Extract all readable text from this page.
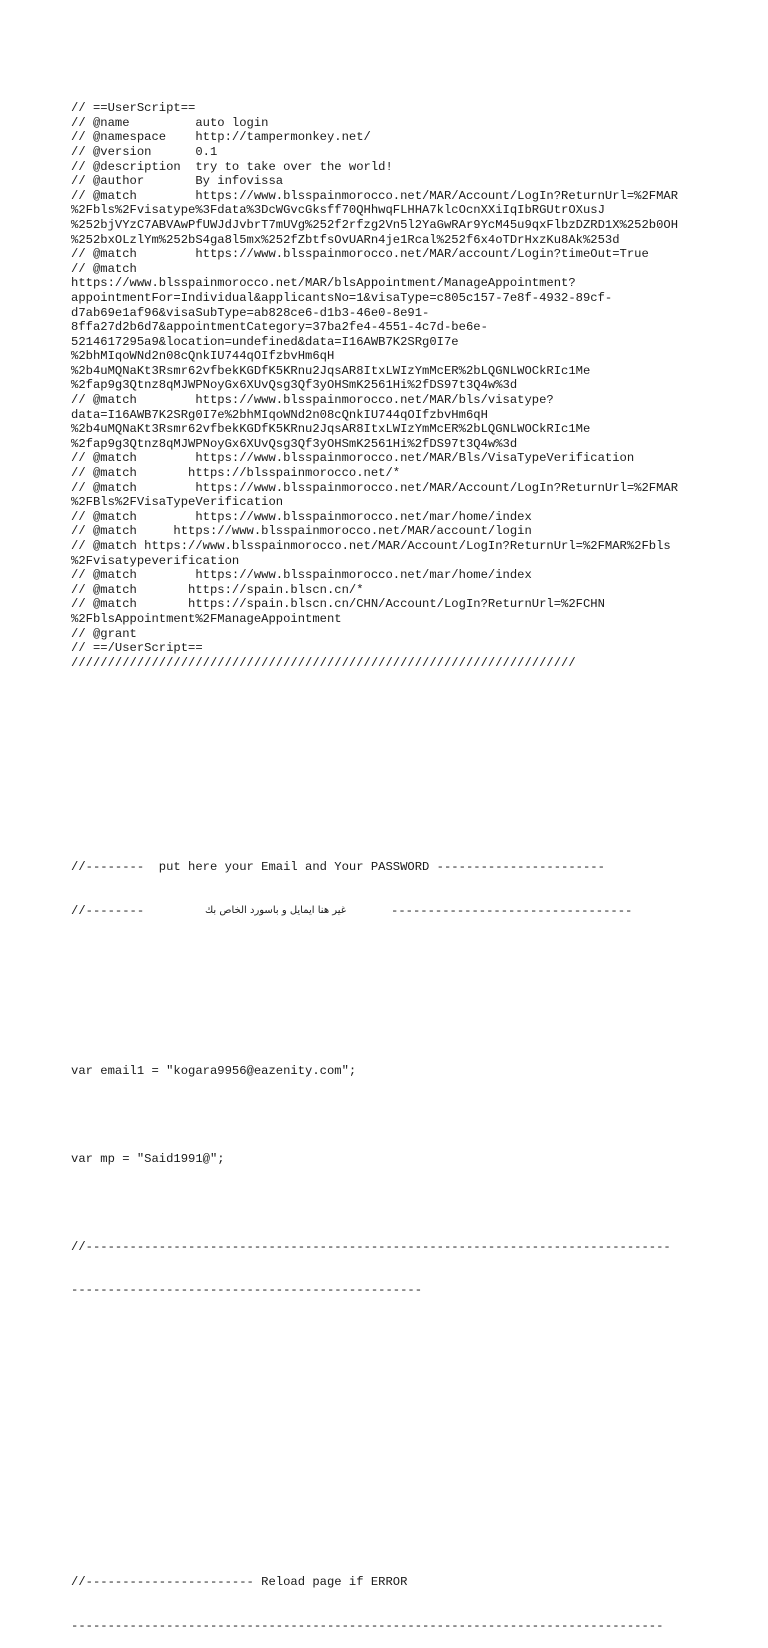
// ==UserScript==
// @name         auto login
// @namespace    http://tampermonkey.net/
// @version      0.1
// @description  try to take over the world!
// @author       By infovissa
// @match        https://www.blsspainmorocco.net/MAR/Account/LogIn?ReturnUrl=%2FMAR
%2Fbls%2Fvisatype%3Fdata%3DcWGvcGksff70QHhwqFLHHA7klcOcnXXiIqIbRGUtrOXusJ
%252bjVYzC7ABVAwPfUWJdJvbrT7mUVg%252f2rfzg2Vn5l2YaGwRAr9YcM45u9qxFlbzDZRD1X%252b0OH
%252bxOLzlYm%252bS4ga8l5mx%252fZbtfsOvUARn4je1Rcal%252f6x4oTDrHxzKu8Ak%253d
// @match        https://www.blsspainmorocco.net/MAR/account/Login?timeOut=True
// @match
https://www.blsspainmorocco.net/MAR/blsAppointment/ManageAppointment?
appointmentFor=Individual&applicantsNo=1&visaType=c805c157-7e8f-4932-89cf-
d7ab69e1af96&visaSubType=ab828ce6-d1b3-46e0-8e91-
8ffa27d2b6d7&appointmentCategory=37ba2fe4-4551-4c7d-be6e-
5214617295a9&location=undefined&data=I16AWB7K2SRg0I7e
%2bhMIqoWNd2n08cQnkIU744qOIfzbvHm6qH
%2b4uMQNaKt3Rsmr62vfbekKGDfK5KRnu2JqsAR8ItxLWIzYmMcER%2bLQGNLWOCkRIc1Me
%2fap9g3Qtnz8qMJWPNoyGx6XUvQsg3Qf3yOHSmK2561Hi%2fDS97t3Q4w%3d
// @match        https://www.blsspainmorocco.net/MAR/bls/visatype?
data=I16AWB7K2SRg0I7e%2bhMIqoWNd2n08cQnkIU744qOIfzbvHm6qH
%2b4uMQNaKt3Rsmr62vfbekKGDfK5KRnu2JqsAR8ItxLWIzYmMcER%2bLQGNLWOCkRIc1Me
%2fap9g3Qtnz8qMJWPNoyGx6XUvQsg3Qf3yOHSmK2561Hi%2fDS97t3Q4w%3d
// @match        https://www.blsspainmorocco.net/MAR/Bls/VisaTypeVerification
// @match       https://blsspainmorocco.net/*
// @match        https://www.blsspainmorocco.net/MAR/Account/LogIn?ReturnUrl=%2FMAR
%2FBls%2FVisaTypeVerification
// @match        https://www.blsspainmorocco.net/mar/home/index
// @match     https://www.blsspainmorocco.net/MAR/account/login
// @match https://www.blsspainmorocco.net/MAR/Account/LogIn?ReturnUrl=%2FMAR%2Fbls
%2Fvisatypeverification
// @match        https://www.blsspainmorocco.net/mar/home/index
// @match       https://spain.blscn.cn/*
// @match       https://spain.blscn.cn/CHN/Account/LogIn?ReturnUrl=%2FCHN
%2FblsAppointment%2FManageAppointment
// @grant
// ==/UserScript==
/////////////////////////////////////////////////////////////////////

//--------  put here your Email and Your PASSWORD -----------------------

//--------	غير هنا ايمايل و باسورد الخاص بك	---------------------------------

var email1 = "kogara9956@eazenity.com";

var mp = "Said1991@";

//--------------------------------------------------------------------------------

------------------------------------------------

//----------------------- Reload page if ERROR

---------------------------------------------------------------------------------
